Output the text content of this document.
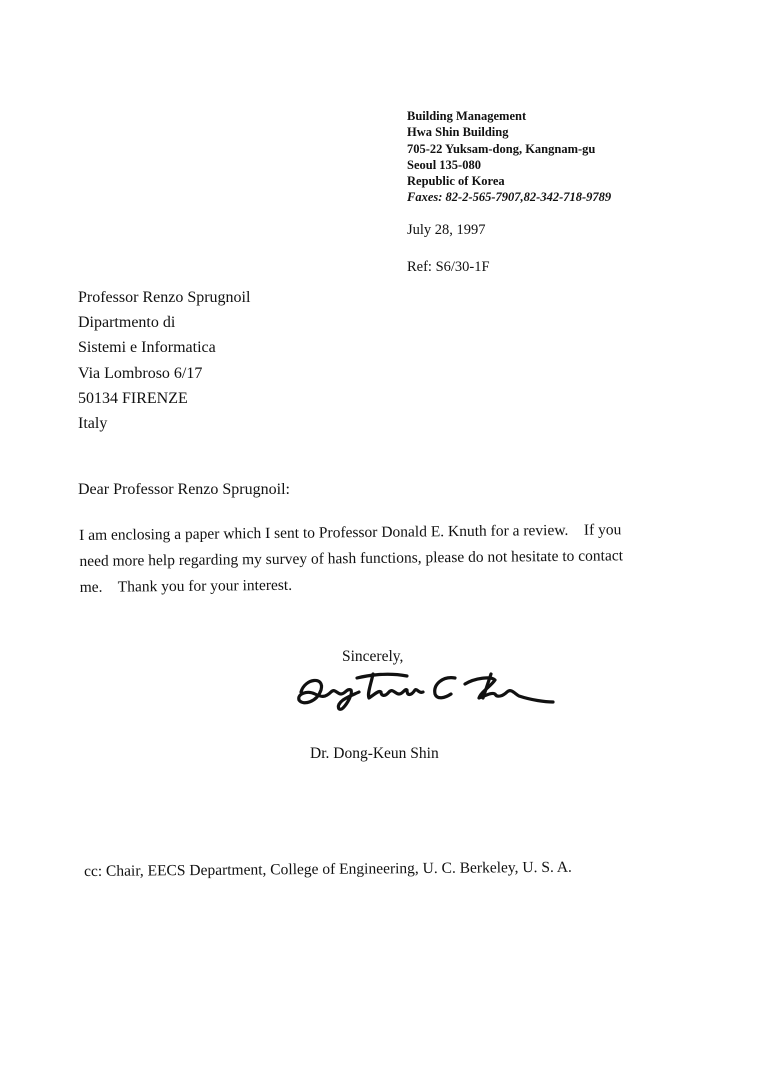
Building Management
Hwa Shin Building
705-22 Yuksam-dong, Kangnam-gu
Seoul 135-080
Republic of Korea
Faxes: 82-2-565-7907,82-342-718-9789
July 28, 1997
Ref: S6/30-1F
Professor Renzo Sprugnoil
Dipartmento di
Sistemi e Informatica
Via Lombroso 6/17
50134 FIRENZE
Italy
Dear Professor Renzo Sprugnoil:
I am enclosing a paper which I sent to Professor Donald E. Knuth for a review.    If you
need more help regarding my survey of hash functions, please do not hesitate to contact
me.    Thank you for your interest.
Sincerely,
Dr. Dong-Keun Shin
cc: Chair, EECS Department, College of Engineering, U. C. Berkeley, U. S. A.
